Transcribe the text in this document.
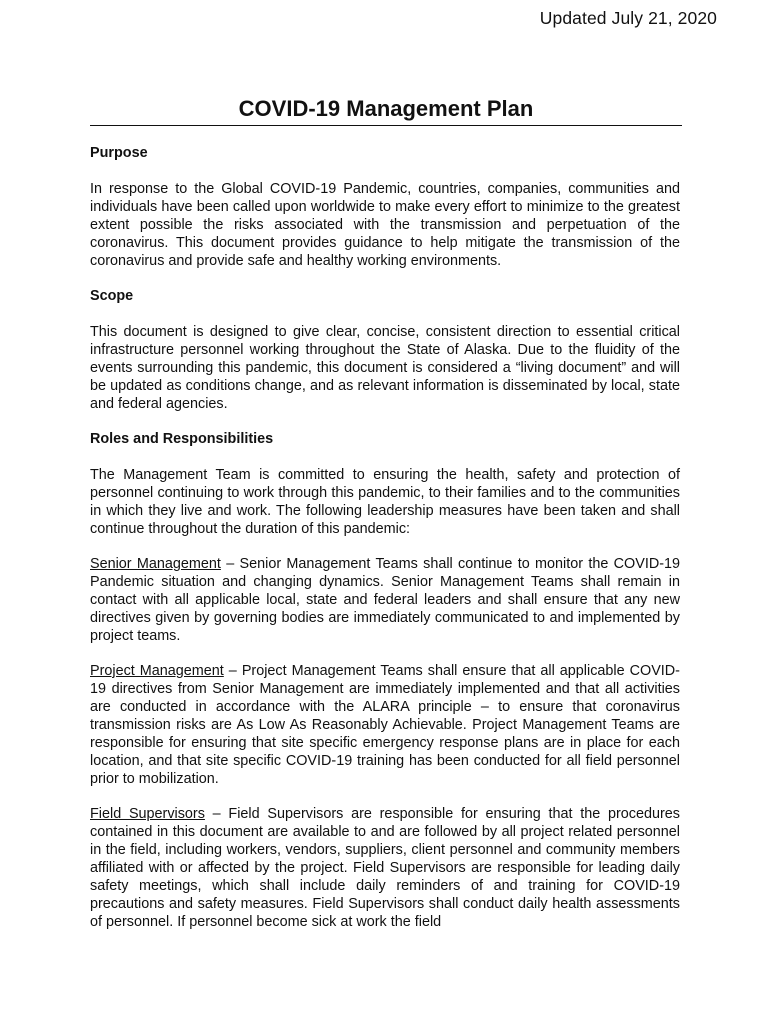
Updated July 21, 2020
COVID-19 Management Plan
Purpose

In response to the Global COVID-19 Pandemic, countries, companies, communities and individuals have been called upon worldwide to make every effort to minimize to the greatest extent possible the risks associated with the transmission and perpetuation of the coronavirus. This document provides guidance to help mitigate the transmission of the coronavirus and provide safe and healthy working environments.

Scope

This document is designed to give clear, concise, consistent direction to essential critical infrastructure personnel working throughout the State of Alaska. Due to the fluidity of the events surrounding this pandemic, this document is considered a “living document” and will be updated as conditions change, and as relevant information is disseminated by local, state and federal agencies.

Roles and Responsibilities

The Management Team is committed to ensuring the health, safety and protection of personnel continuing to work through this pandemic, to their families and to the communities in which they live and work. The following leadership measures have been taken and shall continue throughout the duration of this pandemic:

Senior Management – Senior Management Teams shall continue to monitor the COVID-19 Pandemic situation and changing dynamics. Senior Management Teams shall remain in contact with all applicable local, state and federal leaders and shall ensure that any new directives given by governing bodies are immediately communicated to and implemented by project teams.

Project Management – Project Management Teams shall ensure that all applicable COVID-19 directives from Senior Management are immediately implemented and that all activities are conducted in accordance with the ALARA principle – to ensure that coronavirus transmission risks are As Low As Reasonably Achievable. Project Management Teams are responsible for ensuring that site specific emergency response plans are in place for each location, and that site specific COVID-19 training has been conducted for all field personnel prior to mobilization.

Field Supervisors – Field Supervisors are responsible for ensuring that the procedures contained in this document are available to and are followed by all project related personnel in the field, including workers, vendors, suppliers, client personnel and community members affiliated with or affected by the project. Field Supervisors are responsible for leading daily safety meetings, which shall include daily reminders of and training for COVID-19 precautions and safety measures. Field Supervisors shall conduct daily health assessments of personnel. If personnel become sick at work the field
